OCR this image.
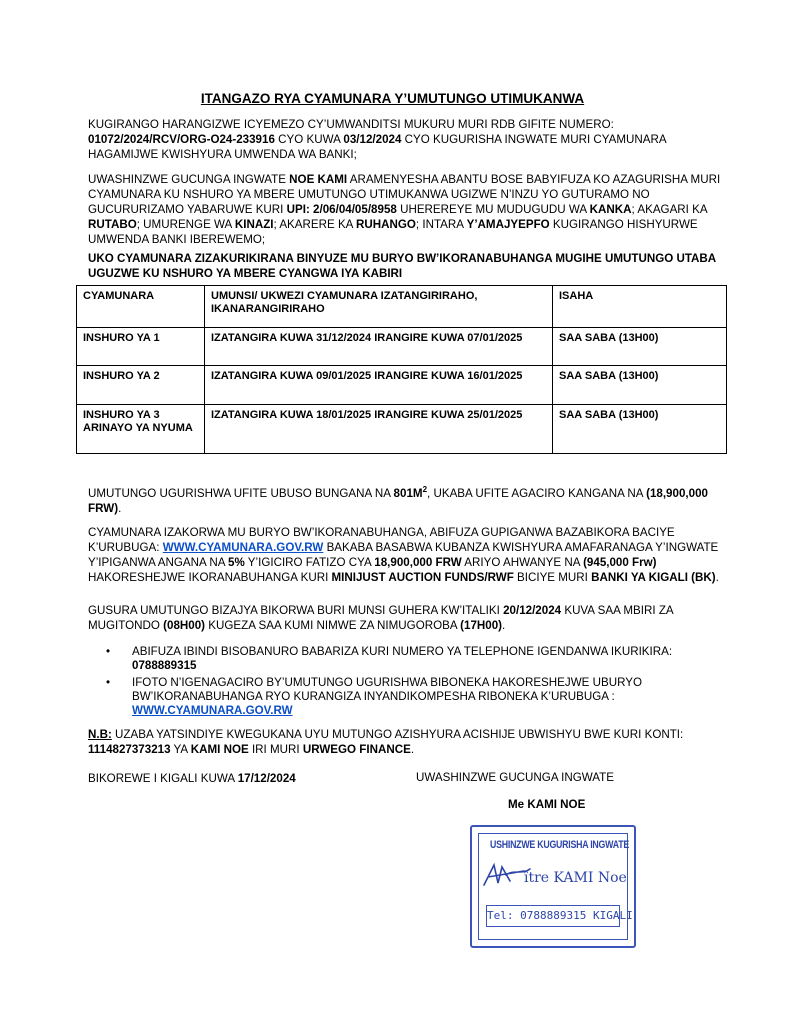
ITANGAZO RYA CYAMUNARA Y’UMUTUNGO UTIMUKANWA
KUGIRANGO HARANGIZWE ICYEMEZO CY’UMWANDITSI MUKURU MURI RDB GIFITE NUMERO: 01072/2024/RCV/ORG-O24-233916 CYO KUWA 03/12/2024 CYO KUGURISHA INGWATE MURI CYAMUNARA HAGAMIJWE KWISHYURA UMWENDA WA BANKI;
UWASHINZWE GUCUNGA INGWATE NOE KAMI ARAMENYESHA ABANTU BOSE BABYIFUZA KO AZAGURISHA MURI CYAMUNARA KU NSHURO YA MBERE UMUTUNGO UTIMUKANWA UGIZWE N’INZU YO GUTURAMO NO GUCURURIZAMO YABARUWE KURI UPI: 2/06/04/05/8958 UHEREREYE MU MUDUGUDU WA KANKA; AKAGARI KA RUTABO; UMURENGE WA KINAZI; AKARERE KA RUHANGO; INTARA Y’AMAJYEPFO KUGIRANGO HISHYURWE UMWENDA BANKI IBEREWEMO;
UKO CYAMUNARA ZIZAKURIKIRANA BINYUZE MU BURYO BW’IKORANABUHANGA MUGIHE UMUTUNGO UTABA UGUZWE KU NSHURO YA MBERE CYANGWA IYA KABIRI
CYAMUNARA	UMUNSI/ UKWEZI CYAMUNARA IZATANGIRIRAHO, IKANARANGIRIRAHO	ISAHA
INSHURO YA 1	IZATANGIRA KUWA 31/12/2024 IRANGIRE KUWA 07/01/2025	SAA SABA (13H00)
INSHURO YA 2	IZATANGIRA KUWA 09/01/2025 IRANGIRE KUWA 16/01/2025	SAA SABA (13H00)
INSHURO YA 3 ARINAYO YA NYUMA	IZATANGIRA KUWA 18/01/2025 IRANGIRE KUWA 25/01/2025	SAA SABA (13H00)
UMUTUNGO UGURISHWA UFITE UBUSO BUNGANA NA $801M^2$, UKABA UFITE AGACIRO KANGANA NA (18,900,000 FRW).
CYAMUNARA IZAKORWA MU BURYO BW’IKORANABUHANGA, ABIFUZA GUPIGANWA BAZABIKORA BACIYE K’URUBUGA: WWW.CYAMUNARA.GOV.RW BAKABA BASABWA KUBANZA KWISHYURA AMAFARANAGA Y’INGWATE Y’IPIGANWA ANGANA NA 5% Y’IGICIRO FATIZO CYA 18,900,000 FRW ARIYO AHWANYE NA (945,000 Frw) HAKORESHEJWE IKORANABUHANGA KURI MINIJUST AUCTION FUNDS/RWF BICIYE MURI BANKI YA KIGALI (BK).
GUSURA UMUTUNGO BIZAJYA BIKORWA BURI MUNSI GUHERA KW’ITALIKI 20/12/2024 KUVA SAA MBIRI ZA MUGITONDO (08H00) KUGEZA SAA KUMI NIMWE ZA NIMUGOROBA (17H00).
• ABIFUZA IBINDI BISOBANURO BABARIZA KURI NUMERO YA TELEPHONE IGENDANWA IKURIKIRA: 0788889315
• IFOTO N’IGENAGACIRO BY’UMUTUNGO UGURISHWA BIBONEKA HAKORESHEJWE UBURYO BW’IKORANABUHANGA RYO KURANGIZA INYANDIKOMPESHA RIBONEKA K’URUBUGA : WWW.CYAMUNARA.GOV.RW
N.B: UZABA YATSINDIYE KWEGUKANA UYU MUTUNGO AZISHYURA ACISHIJE UBWISHYU BWE KURI KONTI: 1114827373213 YA KAMI NOE IRI MURI URWEGO FINANCE.
BIKOREWE I KIGALI KUWA 17/12/2024	UWASHINZWE GUCUNGA INGWATE
Me KAMI NOE
USHINZWE KUGURISHA INGWATE
ître KAMI Noe
Tel: 0788889315 KIGALI
